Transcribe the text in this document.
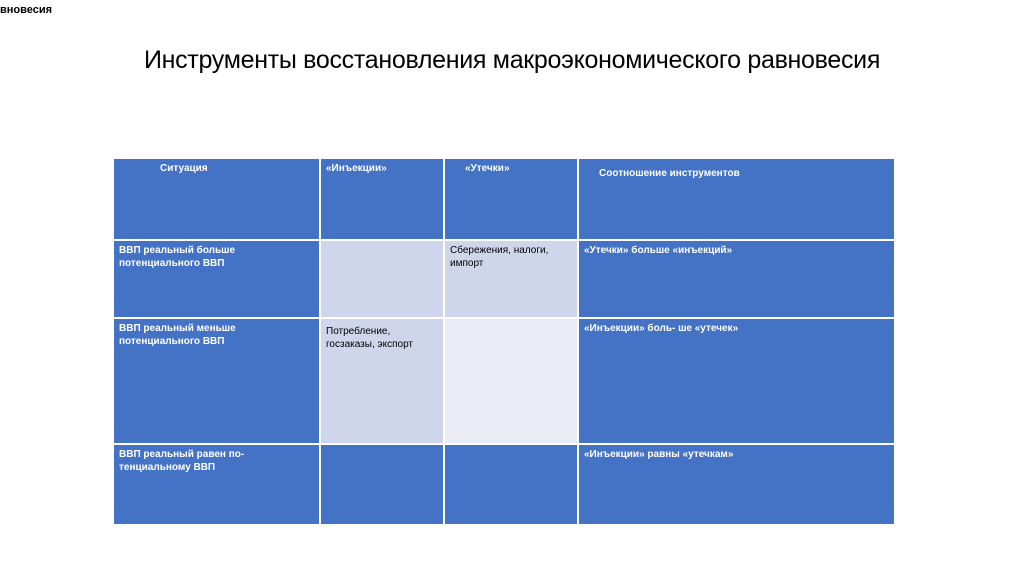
вновесия
Инструменты восстановления макроэкономического равновесия
Ситуация	«Инъекции»	«Утечки»	Соотношение инструментов
ВВП реальный больше потенциального ВВП		Сбережения, налоги, импорт	«Утечки» больше «инъекций»
ВВП реальный меньше потенциального ВВП	Потребление, госзаказы, экспорт		«Инъекции» боль- ше «утечек»
ВВП реальный равен по- тенциальному ВВП			«Инъекции» равны «утечкам»
